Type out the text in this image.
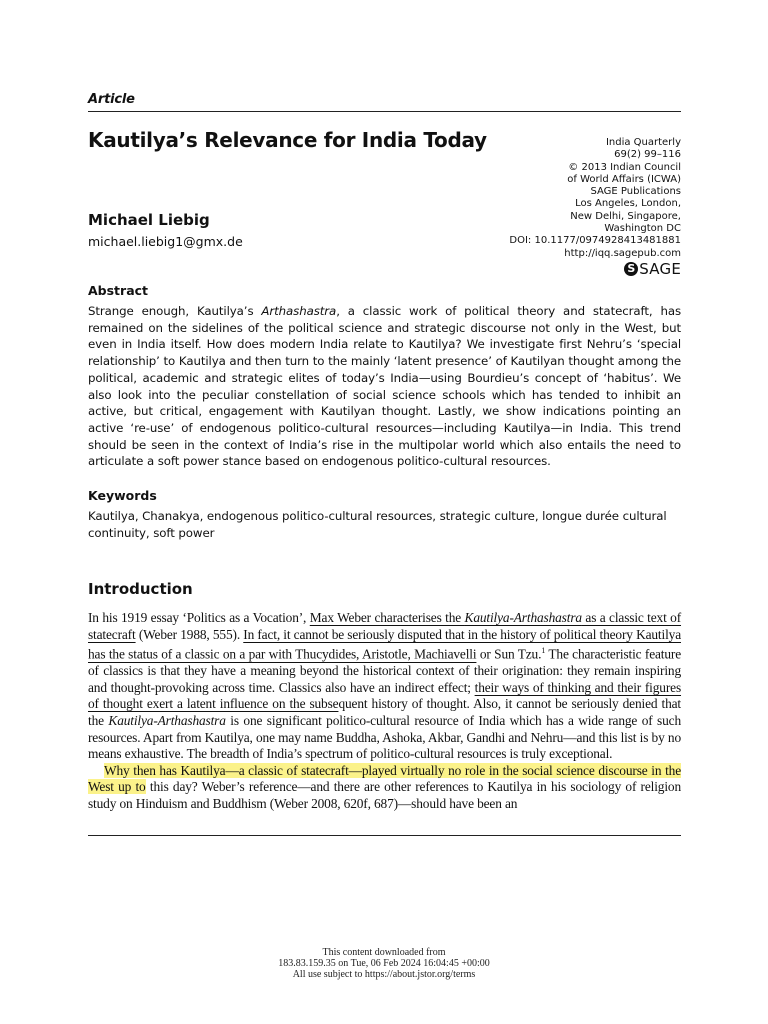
Article
Kautilya’s Relevance for India Today	India Quarterly
69(2) 99–116
© 2013 Indian Council
of World Affairs (ICWA)
SAGE Publications
Los Angeles, London,
New Delhi, Singapore,
Washington DC
DOI: 10.1177/0974928413481881
http://iqq.sagepub.com
S SAGE
Michael Liebig
michael.liebig1@gmx.de
Abstract
Strange enough, Kautilya’s Arthashastra, a classic work of political theory and statecraft, has remained on the sidelines of the political science and strategic discourse not only in the West, but even in India itself. How does modern India relate to Kautilya? We investigate first Nehru’s ‘special relationship’ to Kautilya and then turn to the mainly ‘latent presence’ of Kautilyan thought among the political, academic and strategic elites of today’s India—using Bourdieu’s concept of ‘habitus’. We also look into the peculiar constellation of social science schools which has tended to inhibit an active, but critical, engagement with Kautilyan thought. Lastly, we show indications pointing an active ‘re-use’ of endogenous politico-cultural resources—including Kautilya—in India. This trend should be seen in the context of India’s rise in the multipolar world which also entails the need to articulate a soft power stance based on endogenous politico-cultural resources.
Keywords
Kautilya, Chanakya, endogenous politico-cultural resources, strategic culture, longue durée cultural continuity, soft power
Introduction

In his 1919 essay ‘Politics as a Vocation’, Max Weber characterises the Kautilya-Arthashastra as a classic text of statecraft (Weber 1988, 555). In fact, it cannot be seriously disputed that in the history of political theory Kautilya has the status of a classic on a par with Thucydides, Aristotle, Machiavelli or Sun Tzu.$^1$ The characteristic feature of classics is that they have a meaning beyond the historical context of their origination: they remain inspiring and thought-provoking across time. Classics also have an indirect effect; their ways of thinking and their figures of thought exert a latent influence on the subsequent history of thought. Also, it cannot be seriously denied that the Kautilya-Arthashastra is one significant politico-cultural resource of India which has a wide range of such resources. Apart from Kautilya, one may name Buddha, Ashoka, Akbar, Gandhi and Nehru—and this list is by no means exhaustive. The breadth of India’s spectrum of politico-cultural resources is truly exceptional.

Why then has Kautilya—a classic of statecraft—played virtually no role in the social science discourse in the West up to this day? Weber’s reference—and there are other references to Kautilya in his sociology of religion study on Hinduism and Buddhism (Weber 2008, 620f, 687)—should have been an

This content downloaded from
183.83.159.35 on Tue, 06 Feb 2024 16:04:45 +00:00
All use subject to https://about.jstor.org/terms
